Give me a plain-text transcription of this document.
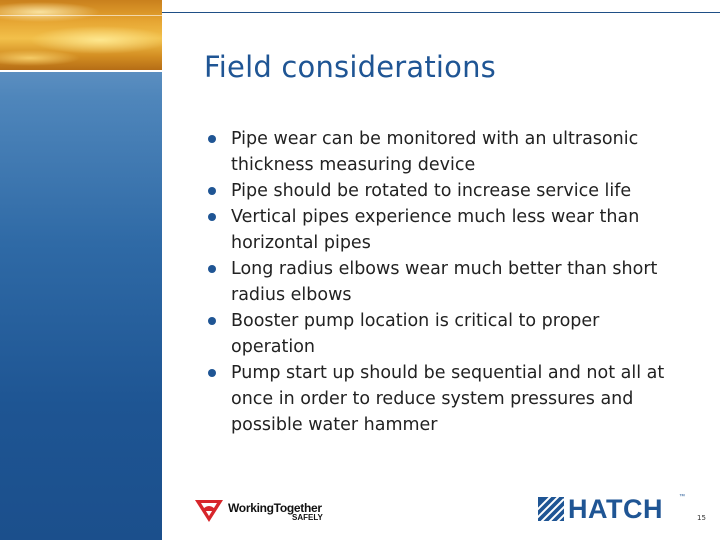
Field considerations
Pipe wear can be monitored with an ultrasonic thickness measuring device
Pipe should be rotated to increase service life
Vertical pipes experience much less wear than horizontal pipes
Long radius elbows wear much better than short radius elbows
Booster pump location is critical to proper operation
Pump start up should be sequential and not all at once in order to reduce system pressures and possible water hammer
WorkingTogether
SAFELY	HATCH	™
15
